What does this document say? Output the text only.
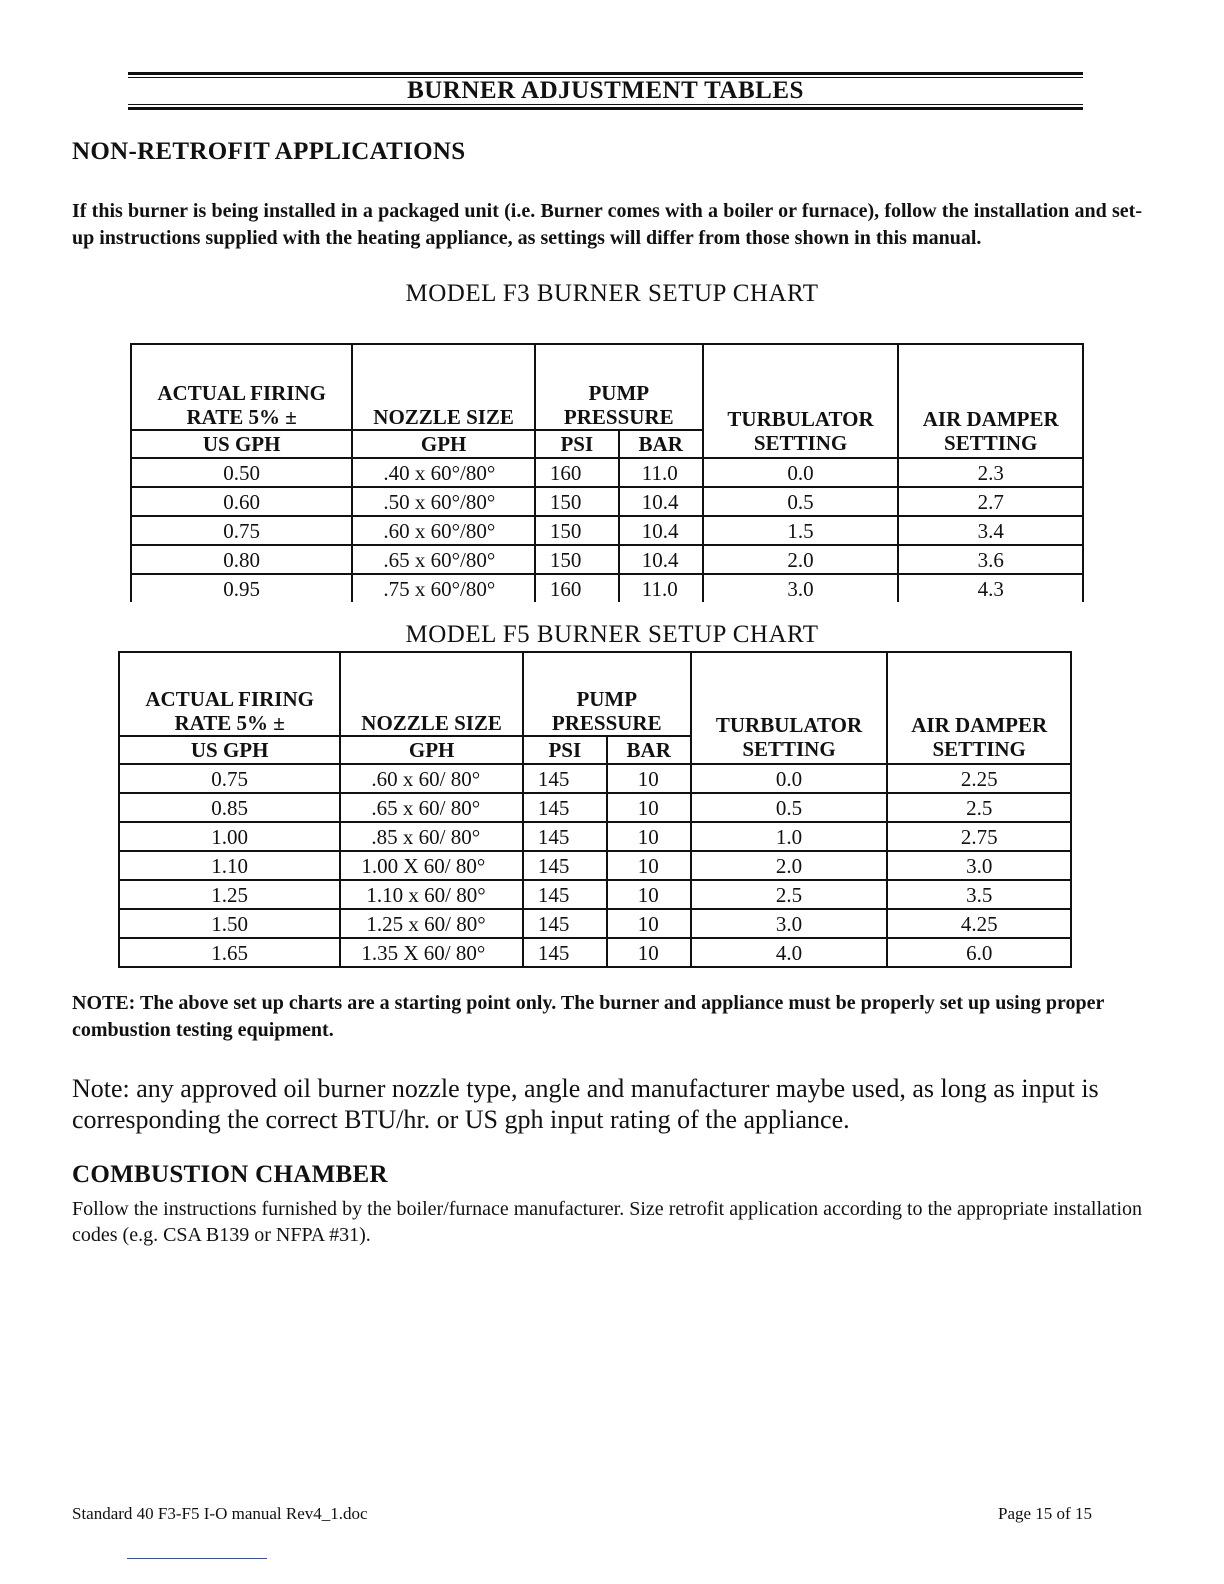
BURNER ADJUSTMENT TABLES
NON-RETROFIT APPLICATIONS
If this burner is being installed in a packaged unit (i.e. Burner comes with a boiler or furnace), follow the installation and set-up instructions supplied with the heating appliance, as settings will differ from those shown in this manual.
MODEL F3 BURNER SETUP CHART
ACTUAL FIRING RATE 5% ±	NOZZLE SIZE	PUMP PRESSURE		TURBULATOR SETTING	AIR DAMPER SETTING
US GPH	GPH	PSI	BAR		
0.50	.40 x 60°/80°	160	11.0	0.0	2.3
0.60	.50 x 60°/80°	150	10.4	0.5	2.7
0.75	.60 x 60°/80°	150	10.4	1.5	3.4
0.80	.65 x 60°/80°	150	10.4	2.0	3.6
0.95	.75 x 60°/80°	160	11.0	3.0	4.3
MODEL F5 BURNER SETUP CHART
ACTUAL FIRING RATE 5% ±	NOZZLE SIZE	PUMP PRESSURE		TURBULATOR SETTING	AIR DAMPER SETTING
US GPH	GPH	PSI	BAR		
0.75	.60 x 60/ 80°	145	10	0.0	2.25
0.85	.65 x 60/ 80°	145	10	0.5	2.5
1.00	.85 x 60/ 80°	145	10	1.0	2.75
1.10	1.00 X 60/ 80°	145	10	2.0	3.0
1.25	1.10 x 60/ 80°	145	10	2.5	3.5
1.50	1.25 x 60/ 80°	145	10	3.0	4.25
1.65	1.35 X 60/ 80°	145	10	4.0	6.0
NOTE: The above set up charts are a starting point only. The burner and appliance must be properly set up using proper combustion testing equipment.
Note: any approved oil burner nozzle type, angle and manufacturer maybe used, as long as input is corresponding the correct BTU/hr. or US gph input rating of the appliance.
COMBUSTION CHAMBER
Follow the instructions furnished by the boiler/furnace manufacturer. Size retrofit application according to the appropriate installation codes (e.g. CSA B139 or NFPA #31).
Standard 40 F3-F5 I-O manual Rev4_1.doc	Page 15 of 15
